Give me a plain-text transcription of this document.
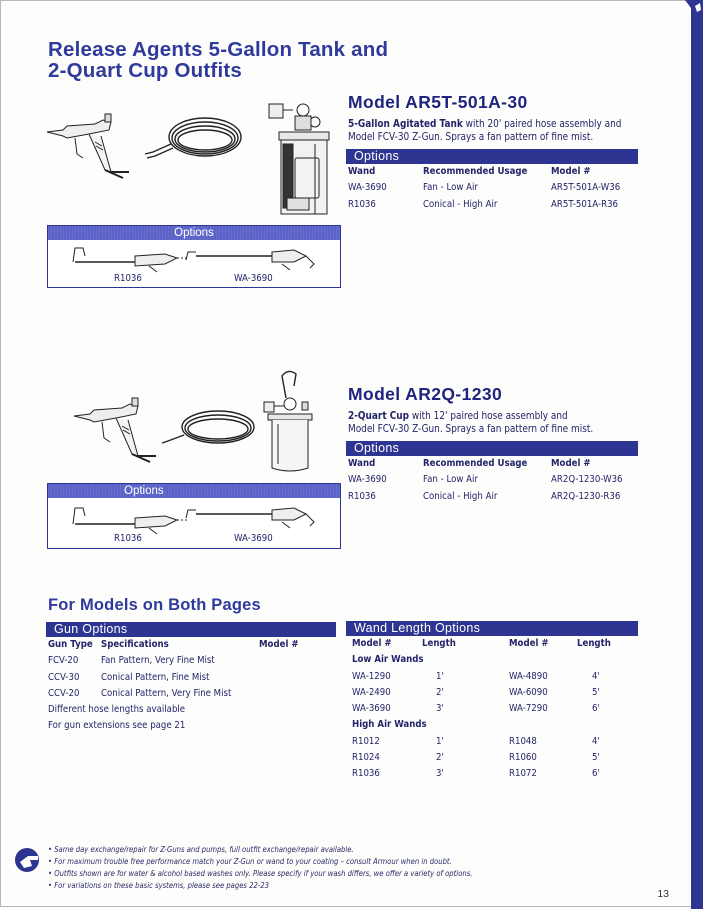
Release Agents 5-Gallon Tank and
2-Quart Cup Outfits
Options
R1036	WA-3690
Model AR5T-501A-30
5-Gallon Agitated Tank with 20' paired hose assembly and
Model FCV-30 Z-Gun. Sprays a fan pattern of fine mist.
Options
Wand	Recommended Usage Model #
WA-3690	Fan - Low Air	AR5T-501A-W36
R1036	Conical - High Air	AR5T-501A-R36
Options
R1036	WA-3690
Model AR2Q-1230
2-Quart Cup with 12' paired hose assembly and
Model FCV-30 Z-Gun. Sprays a fan pattern of fine mist.
Options
Wand	Recommended Usage Model #
WA-3690	Fan - Low Air	AR2Q-1230-W36
R1036	Conical - High Air	AR2Q-1230-R36
For Models on Both Pages
Gun Options
Gun Type Specifications	Model #
FCV-20 Fan Pattern, Very Fine Mist
CCV-30 Conical Pattern, Fine Mist
CCV-20 Conical Pattern, Very Fine Mist
Different hose lengths available
For gun extensions see page 21
Wand Length Options
Model #	Length	Model #	Length
Low Air Wands
WA-1290	1'	WA-4890	4'
WA-2490	2'	WA-6090	5'
WA-3690	3'	WA-7290	6'
High Air Wands
R1012	1'	R1048	4'
R1024	2'	R1060	5'
R1036	3'	R1072	6'
• Same day exchange/repair for Z-Guns and pumps, full outfit exchange/repair available.
• For maximum trouble free performance match your Z-Gun or wand to your coating – consult Armour when in doubt.
• Outfits shown are for water & alcohol based washes only. Please specify if your wash differs, we offer a variety of options.
• For variations on these basic systems, please see pages 22-23
13
